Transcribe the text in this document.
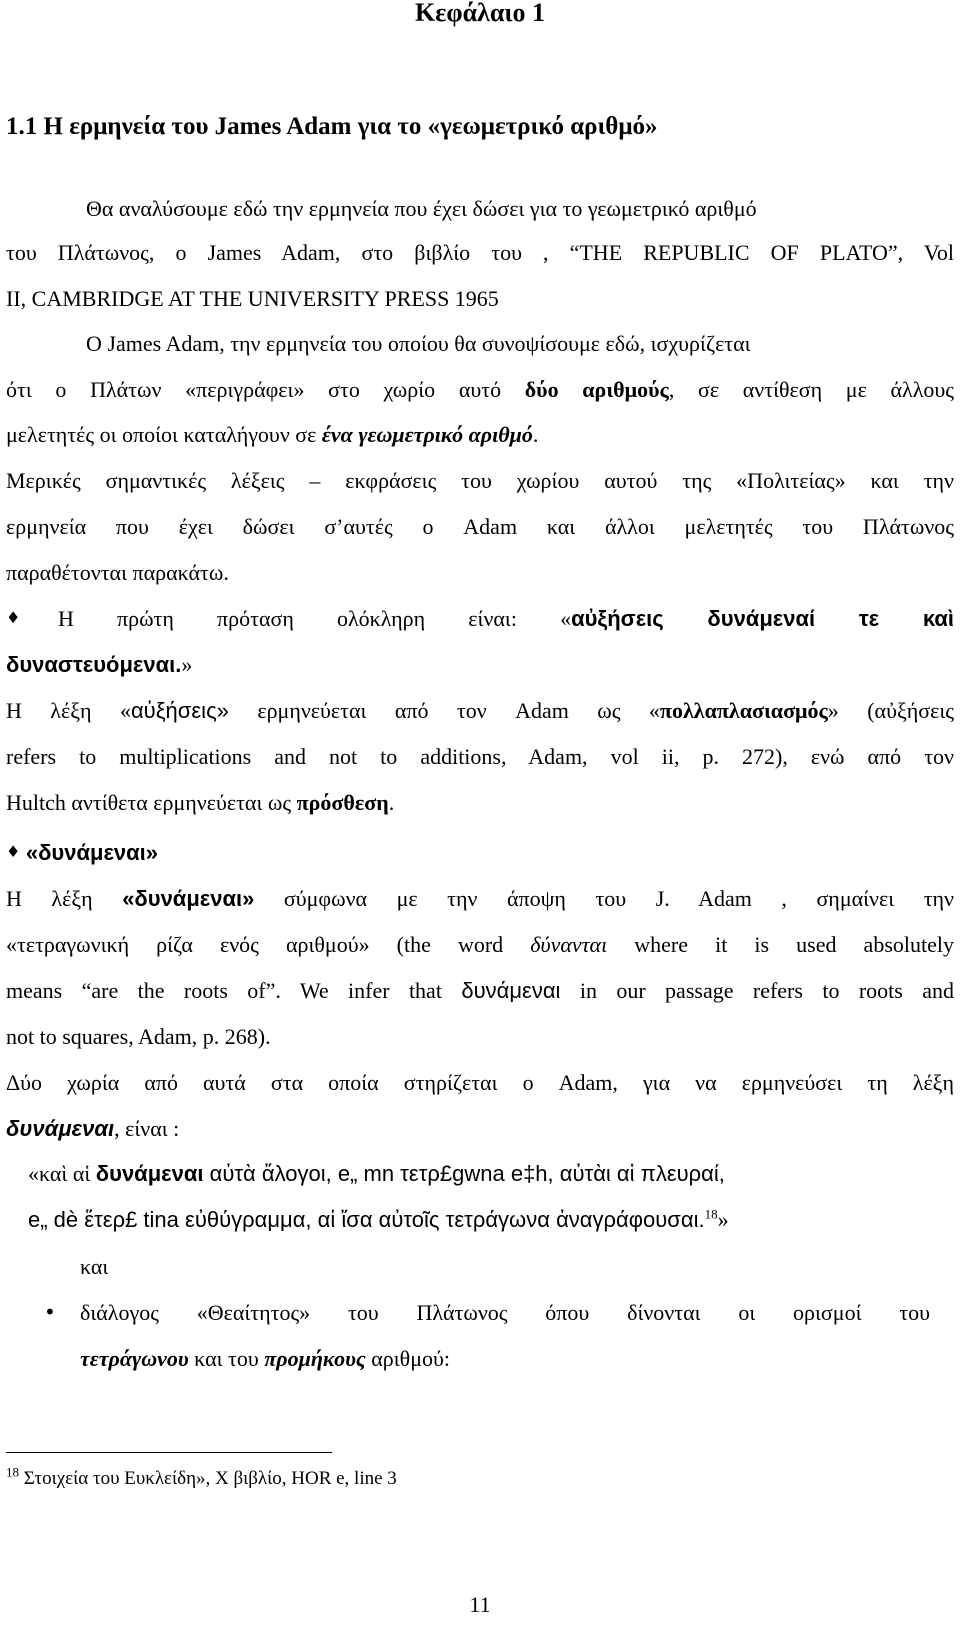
Κεφάλαιο 1
1.1 Η ερμηνεία του James Adam για το «γεωμετρικό αριθμό»
Θα αναλύσουμε εδώ την ερμηνεία που έχει δώσει για το γεωμετρικό αριθμό
του Πλάτωνος, ο James Adam, στο βιβλίο του , “THE REPUBLIC OF PLATO”, Vol
II, CAMBRIDGE AT THE UNIVERSITY PRESS 1965
Ο James Adam, την ερμηνεία του οποίου θα συνοψίσουμε εδώ, ισχυρίζεται
ότι ο Πλάτων «περιγράφει» στο χωρίο αυτό δύο αριθμούς, σε αντίθεση με άλλους
μελετητές οι οποίοι καταλήγουν σε ένα γεωμετρικό αριθμό.
Μερικές σημαντικές λέξεις – εκφράσεις του χωρίου αυτού της «Πολιτείας» και την
ερμηνεία που έχει δώσει σ’αυτές ο Adam και άλλοι μελετητές του Πλάτωνος
παραθέτονται παρακάτω.
♦Η πρώτη πρόταση ολόκληρη είναι: «αὐξήσεις δυνάμεναί τε καὶ
δυναστευόμεναι.»
Η λέξη «αὐξήσεις» ερμηνεύεται από τον Adam ως «πολλαπλασιασμός» (αὐξήσεις
refers to multiplications and not to additions, Adam, vol ii, p. 272), ενώ από τον
Hultch αντίθετα ερμηνεύεται ως πρόσθεση.
♦ «δυνάμεναι»
Η λέξη «δυνάμεναι» σύμφωνα με την άποψη του J. Adam , σημαίνει την
«τετραγωνική ρίζα ενός αριθμού» (the word δύνανται where it is used absolutely
means “are the roots of”. We infer that δυνάμεναι in our passage refers to roots and
not to squares, Adam, p. 268).
Δύο χωρία από αυτά στα οποία στηρίζεται ο Adam, για να ερμηνεύσει τη λέξη
δυνάμεναι, είναι :
«καὶ αἱ δυνάμεναι αὐτὰ ἄλογοι, e„ mn τετρ£gwna e‡h, αὐτὰι αἱ πλευραί,
e„ dè ἕτερ£ tina εὐθύγραμμα, αἱ ἴσα αὐτοῖς τετράγωνα ἀναγράφουσαι.$^{18}$»
και
• διάλογος «Θεαίτητος» του Πλάτωνος όπου δίνονται οι ορισμοί του
τετράγωνου και του προμήκους αριθμού:
$^{18}$ Στοιχεία του Ευκλείδη», Χ βιβλίο, HOR e, line 3
11
